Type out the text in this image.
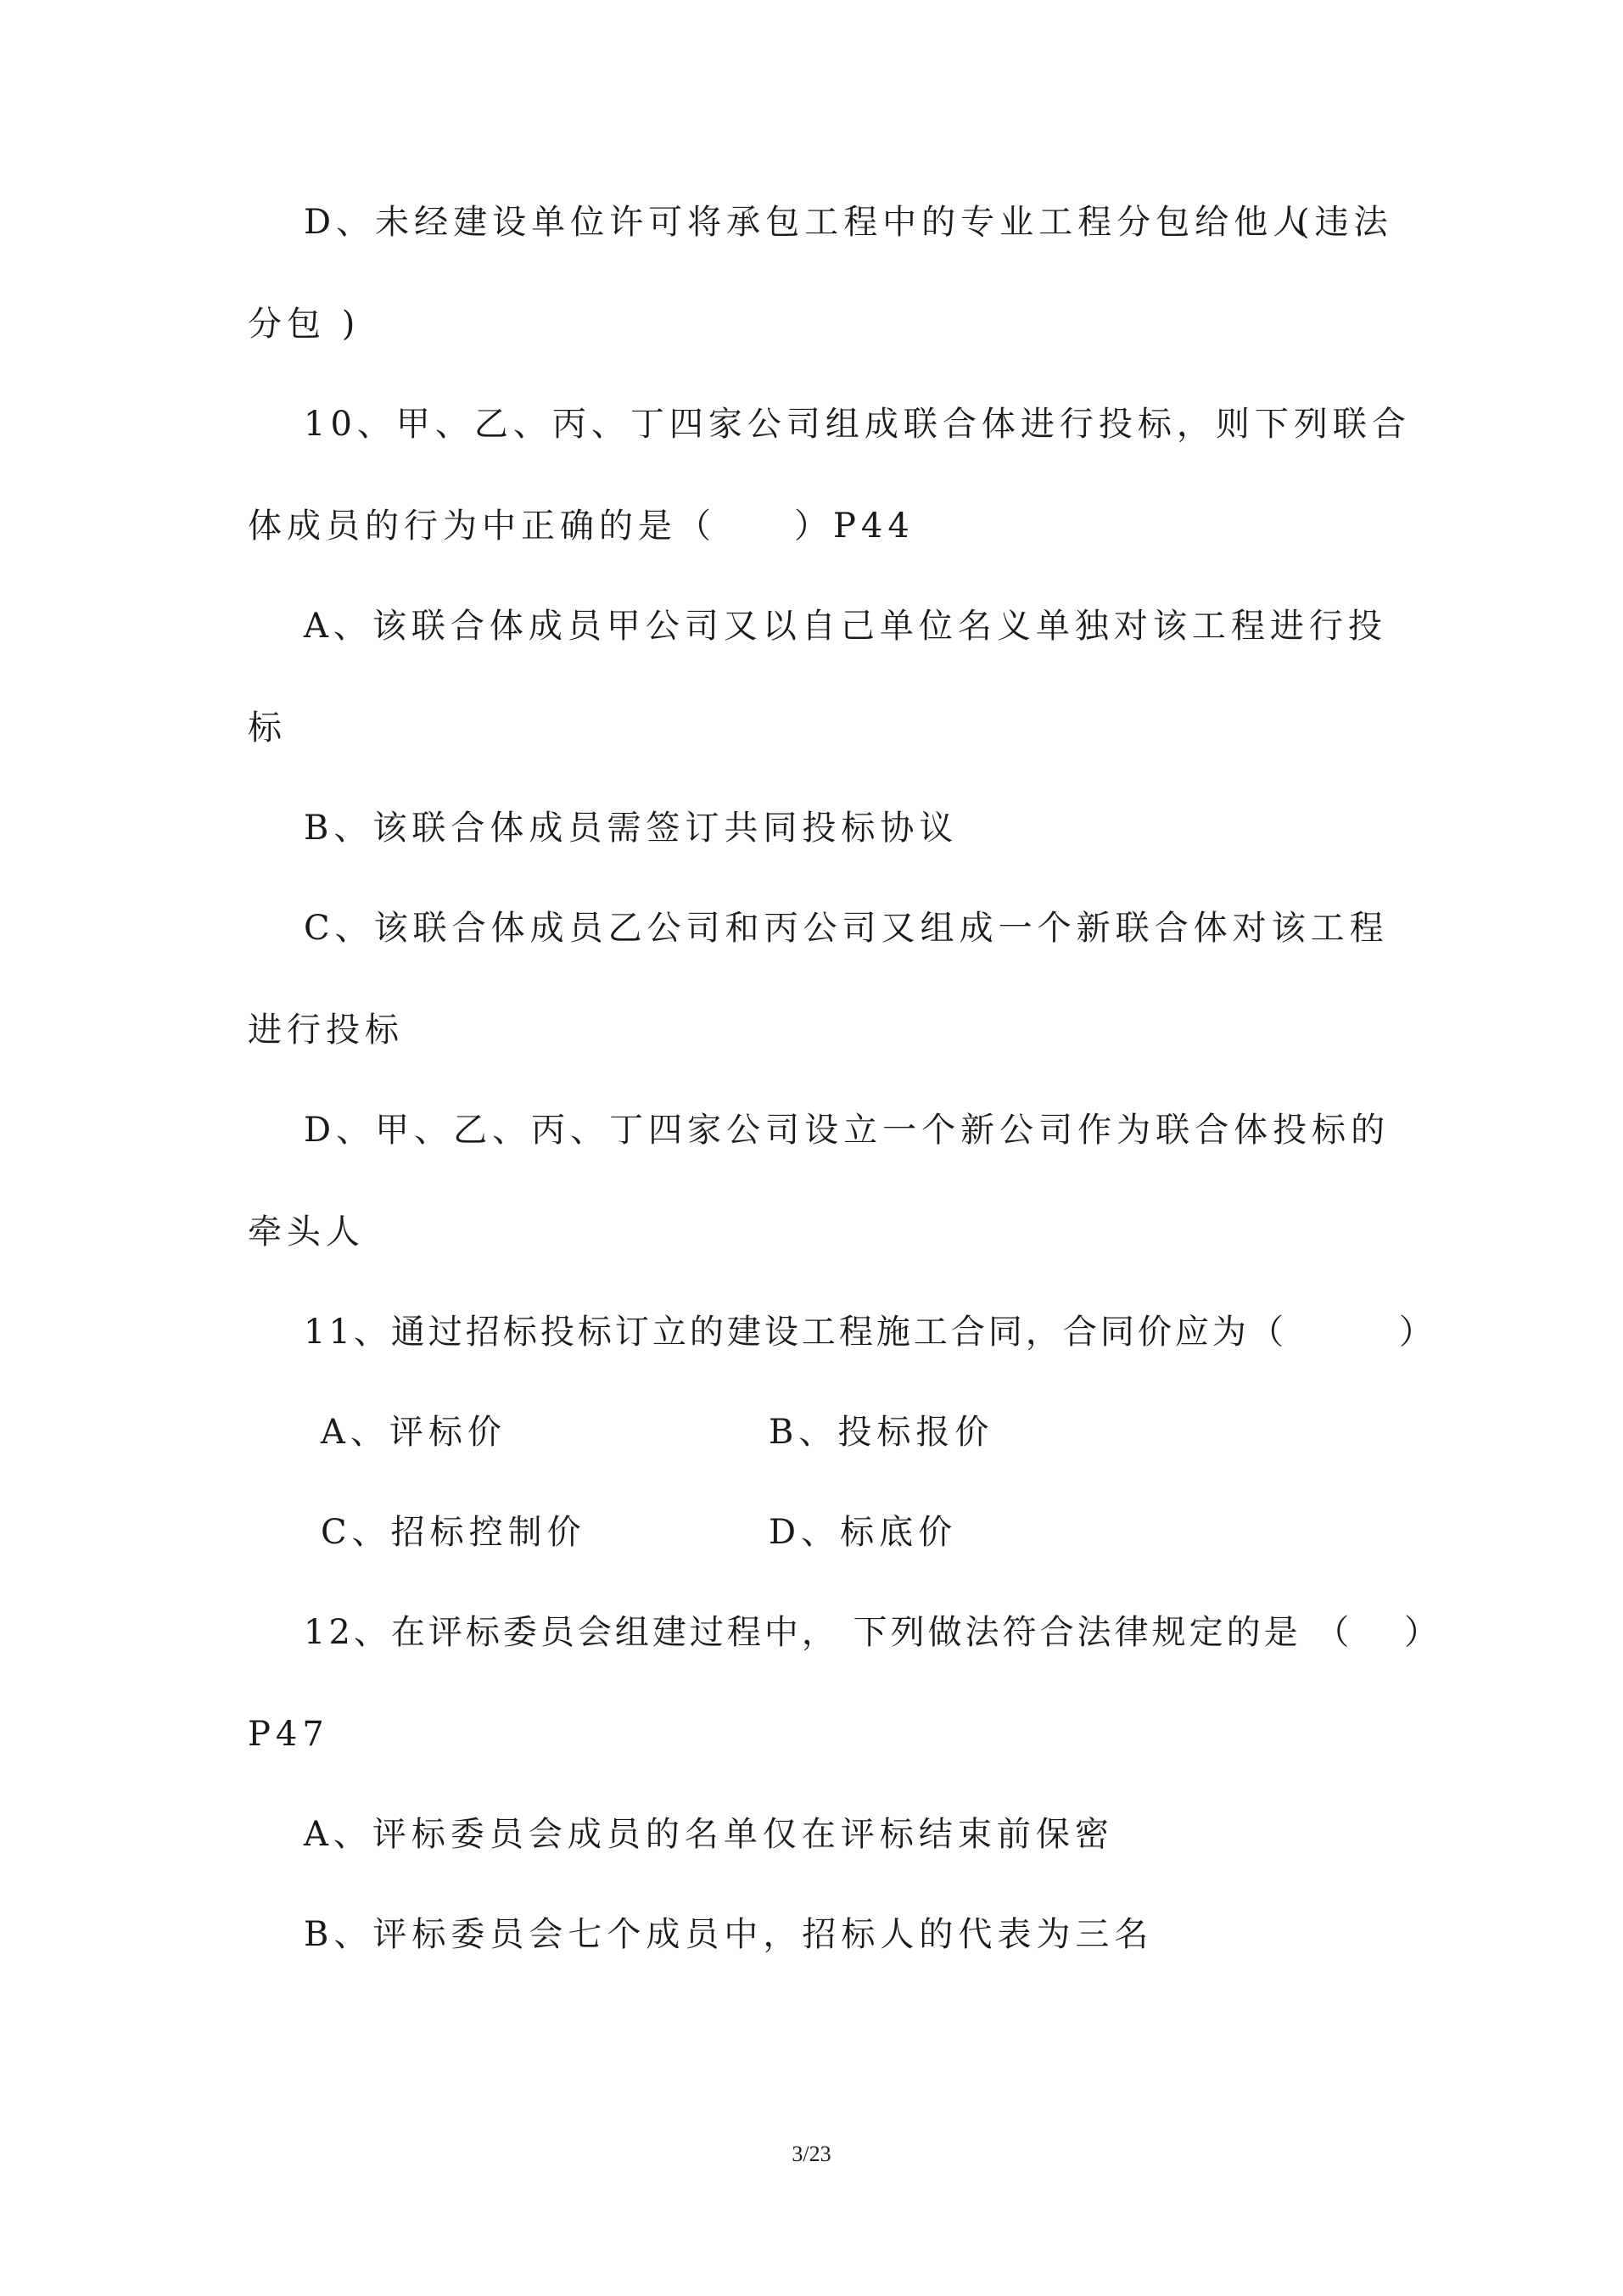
D、未经建设单位许可将承包工程中的专业工程分包给他人
(违法
分包 )
10、甲、乙、丙、丁四家公司组成联合体进行投标，则下列联合
体成员的行为中正确的是（　　）P44
A、该联合体成员甲公司又以自己单位名义单独对该工程进行投
标
B、该联合体成员需签订共同投标协议
C、该联合体成员乙公司和丙公司又组成一个新联合体对该工程
进行投标
D、甲、乙、丙、丁四家公司设立一个新公司作为联合体投标的
牵头人
11、通过招标投标订立的建设工程施工合同，合同价应为（　　　）
A、评标价	B、投标报价
C、招标控制价	D、标底价
12、在评标委员会组建过程中， 下列做法符合法律规定的是 （　 ）
P47
A、评标委员会成员的名单仅在评标结束前保密
B、评标委员会七个成员中，招标人的代表为三名
3/23
